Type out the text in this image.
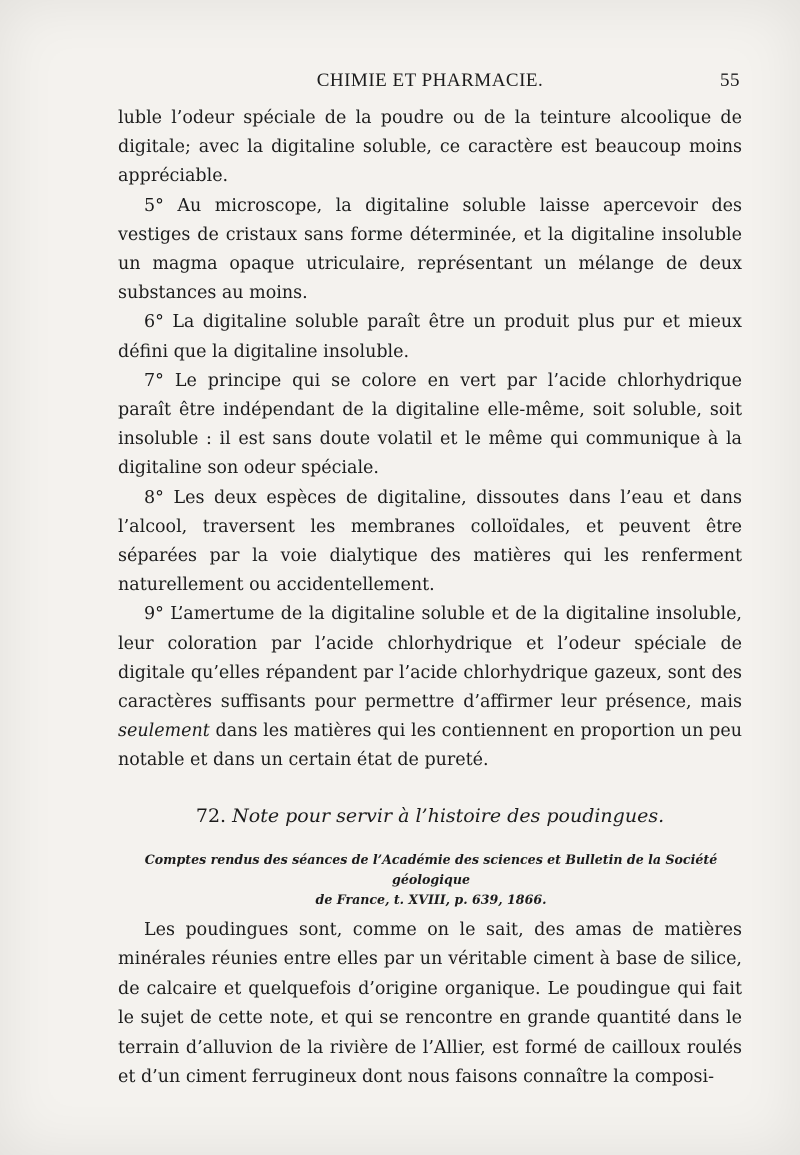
CHIMIE ET PHARMACIE.	55

luble l’odeur spéciale de la poudre ou de la teinture alcoolique de digitale; avec la digitaline soluble, ce caractère est beaucoup moins appréciable.

5° Au microscope, la digitaline soluble laisse apercevoir des vestiges de cristaux sans forme déterminée, et la digitaline insoluble un magma opaque utriculaire, représentant un mélange de deux substances au moins.

6° La digitaline soluble paraît être un produit plus pur et mieux défini que la digitaline insoluble.

7° Le principe qui se colore en vert par l’acide chlorhydrique paraît être indépendant de la digitaline elle-même, soit soluble, soit insoluble : il est sans doute volatil et le même qui communique à la digitaline son odeur spéciale.

8° Les deux espèces de digitaline, dissoutes dans l’eau et dans l’alcool, traversent les membranes colloïdales, et peuvent être séparées par la voie dialytique des matières qui les renferment naturellement ou accidentellement.

9° L’amertume de la digitaline soluble et de la digitaline insoluble, leur coloration par l’acide chlorhydrique et l’odeur spéciale de digitale qu’elles répandent par l’acide chlorhydrique gazeux, sont des caractères suffisants pour permettre d’affirmer leur présence, mais seulement dans les matières qui les contiennent en proportion un peu notable et dans un certain état de pureté.

72. Note pour servir à l’histoire des poudingues.
Comptes rendus des séances de l’Académie des sciences et Bulletin de la Société géologique
de France, t. XVIII, p. 639, 1866.

Les poudingues sont, comme on le sait, des amas de matières minérales réunies entre elles par un véritable ciment à base de silice, de calcaire et quelquefois d’origine organique. Le poudingue qui fait le sujet de cette note, et qui se rencontre en grande quantité dans le terrain d’alluvion de la rivière de l’Allier, est formé de cailloux roulés et d’un ciment ferrugineux dont nous faisons connaître la composi-
